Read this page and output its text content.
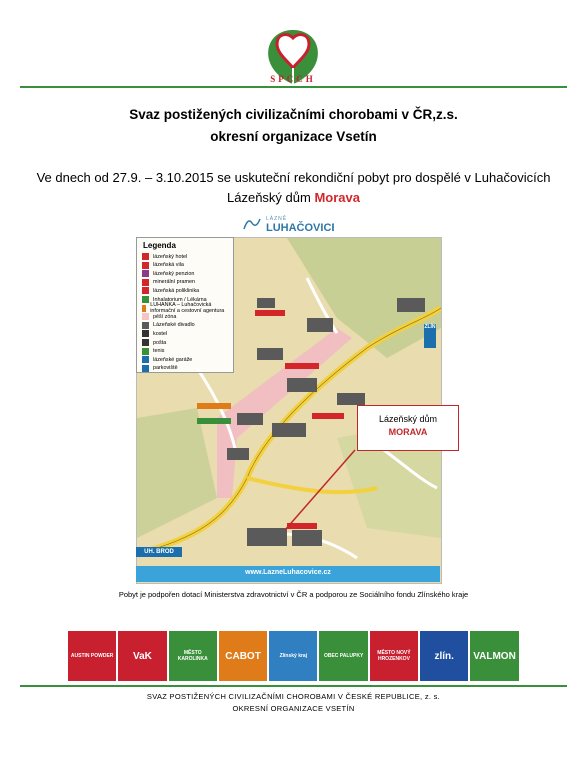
SPCCH
Svaz postižených civilizačními chorobami v ČR,z.s.
okresní organizace Vsetín
Ve dnech od 27.9. – 3.10.2015 se uskuteční rekondiční pobyt pro dospělé v Luhačovicích
Lázeňský dům Morava
LÁZNĚ
LUHAČOVICE
UH. BROD
ZLÍN
www.LazneLuhacovice.cz
Legenda
lázeňský hotel
lázeňská vila
lázeňský penzion
minerální pramen
lázeňská poliklinika
Inhalatorium / Lékárna
LUHANKA – Luhačovická informační a cestovní agentura
pěší zóna
Lázeňské divadlo
kostel
pošta
tenis
lázeňské garáže
parkoviště
Lázeňský dům
MORAVA
Pobyt je podpořen dotací Ministerstva zdravotnictví v ČR a podporou ze Sociálního fondu Zlínského kraje
AUSTIN POWDER VaK	MĚSTO KAROLINKA	CABOT	Zlínský kraj	OBEC PALUPKY	MĚSTO NOVÝ HROZENKOV	zlín. VALMON
SVAZ POSTIŽENÝCH CIVILIZAČNÍMI CHOROBAMI V ČESKÉ REPUBLICE, z. s.
OKRESNÍ ORGANIZACE VSETÍN
